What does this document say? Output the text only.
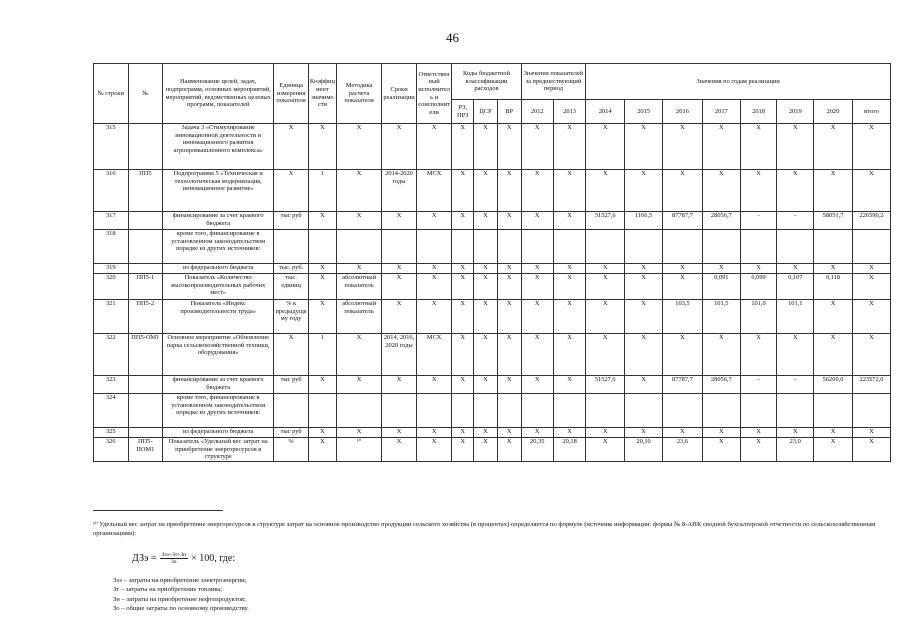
46
№ строки	№	Наименование целей, задач, подпрограмм, основных мероприятий, мероприятий, ведомственных целевых программ, показателей	Единица измерения показателя	Коэффициент значимости	Методика расчета показателя	Сроки реализации	Ответственный исполнитель и соисполнители	Коды бюджетной классификации расходов			Значения показателей за предшествующий период		Значения по годам реализации							
								РЗ, ПРЗ	ЦСР	ВР	2012	2013	2014	2015	2016	2017	2018	2019	2020	итого
315		Задача 3 «Стимулирование инновационной деятельности и инновационного развития агропромышленного комплекса»	X	X	X	X	X	X	X	X	X	X	X	X	X	X	X	X	X	X
316	ПП5	Подпрограмма 5 «Техническая и технологическая модернизация, инновационное развитие»	X	1	X	2014-2020 годы	МСХ	X	X	X	X	X	X	X	X	X	X	X	X	X
317		финансирование за счет краевого бюджета	тыс руб	X	X	X	X	X	X	X	X	X	51527,6	1166,5	87787,7	28056,7	-	-	58051,7	226590,2
318		кроме того, финансирование в установленном законодательством порядке из других источников:																		
319		из федерального бюджета	тыс. руб.	X	X	X	X	X	X	X	X	X	X	X	X	X	X	X	X	X
320	ПП5-1	Показатель «Количество высокопроизводительных рабочих мест»	тыс. единиц	X	абсолютный показатель	X	X	X	X	X	X	X	X	X	X	0,091	0,099	0,107	0,118	X
321	ПП5-2	Показатель «Индекс производительности труда»	% к предыдущему году	X	абсолютный показатель	X	X	X	X	X	X	X	X	X	103,5	101,5	101,0	101,1	X	X
322	ПП5-ОМ1	Основное мероприятие «Обновление парка сельскохозяйственной техники, оборудования»	X	1	X	2014, 2016, 2020 годы	МСХ	X	X	X	X	X	X	X	X	X	X	X	X	X
323		финансирование за счет краевого бюджета	тыс руб	X	X	X	X	X	X	X	X	X	51527,6	X	87787,7	28056,7	-	-	56200,0	223572,0
324		кроме того, финансирование в установленном законодательством порядке из других источников:																		
325		из федерального бюджета	тыс руб	X	X	X	X	X	X	X	X	X	X	X	X	X	X	X	X	X
326	ПП5-ПОМ1	Показатель «Удельный вес затрат на приобретение энергоресурсов в структуре	%	X	¹⁰	X	X	X	X	X	20,35	20,18	X	20,10	23,6	X	X	23,0	X	X
¹⁰ Удельный вес затрат на приобретение энергоресурсов в структуре затрат на основное производство продукции сельского хозяйства (в процентах) определяется по формуле (источник информации: формы № 8-АПК сводной бухгалтерской отчетности по сельскохозяйственным организациям):
ДЗэ = $\frac{\text{Зээ+Зт+Зн}}{Зо} \times 100$, где:
Зээ – затраты на приобретение электроэнергии;
Зт – затраты на приобретение топлива;
Зн – затраты на приобретение нефтепродуктов;
Зо – общие затраты по основному производству.
